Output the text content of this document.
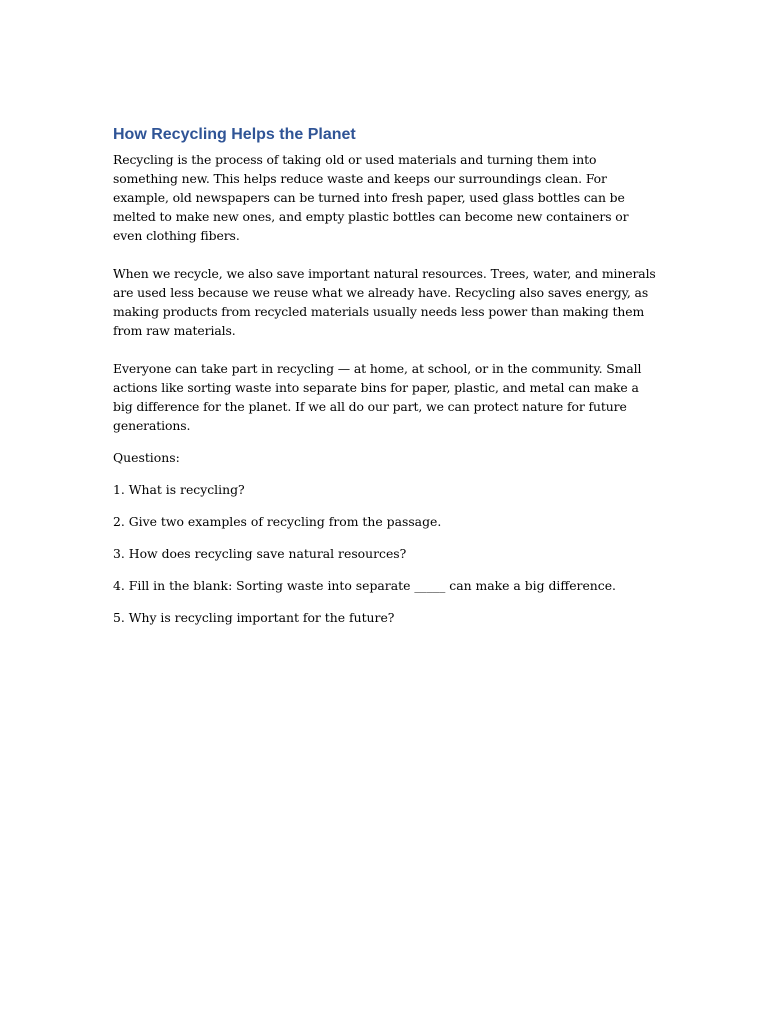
How Recycling Helps the Planet

Recycling is the process of taking old or used materials and turning them into something new. This helps reduce waste and keeps our surroundings clean. For example, old newspapers can be turned into fresh paper, used glass bottles can be melted to make new ones, and empty plastic bottles can become new containers or even clothing fibers.

When we recycle, we also save important natural resources. Trees, water, and minerals are used less because we reuse what we already have. Recycling also saves energy, as making products from recycled materials usually needs less power than making them from raw materials.

Everyone can take part in recycling — at home, at school, or in the community. Small actions like sorting waste into separate bins for paper, plastic, and metal can make a big difference for the planet. If we all do our part, we can protect nature for future generations.

Questions:

1. What is recycling?

2. Give two examples of recycling from the passage.

3. How does recycling save natural resources?

4. Fill in the blank: Sorting waste into separate _____ can make a big difference.

5. Why is recycling important for the future?
